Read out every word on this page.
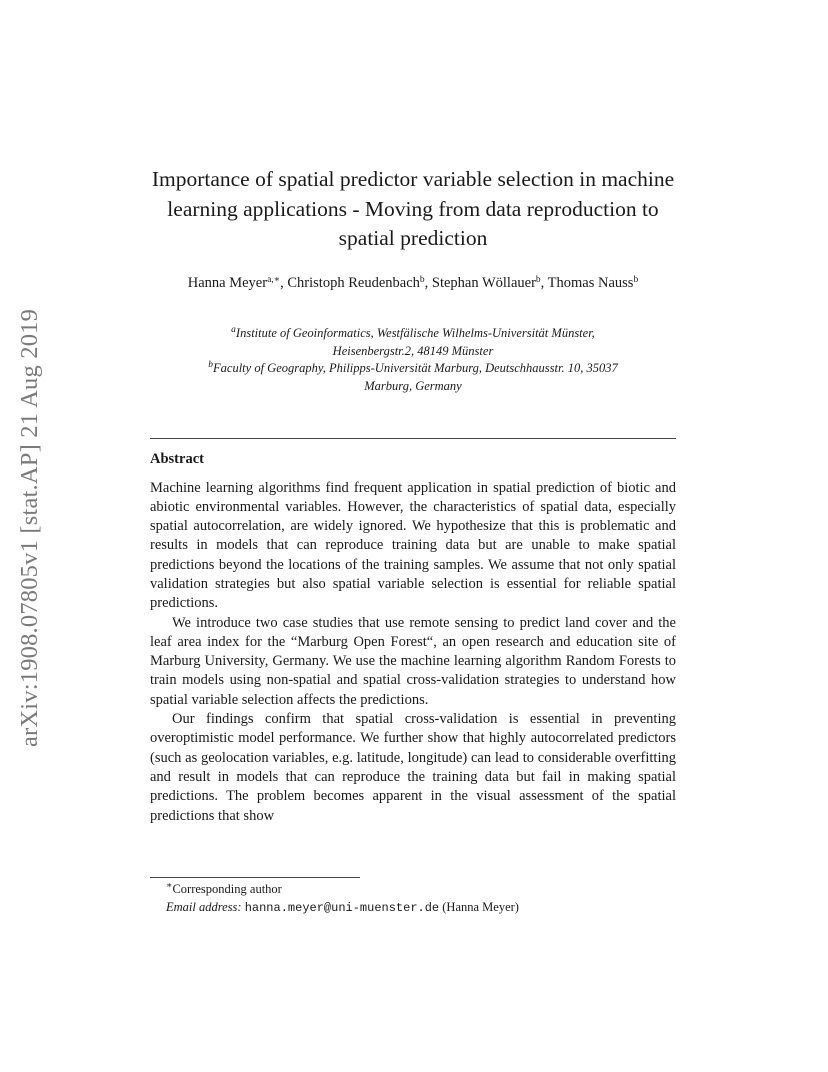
arXiv:1908.07805v1 [stat.AP] 21 Aug 2019
Importance of spatial predictor variable selection in machine learning applications - Moving from data reproduction to spatial prediction
Hanna Meyer$^{a,∗}$, Christoph Reudenbach$^b$, Stephan Wöllauer$^b$, Thomas Nauss$^b$
$^a$Institute of Geoinformatics, Westfälische Wilhelms-Universität Münster,
Heisenbergstr.2, 48149 Münster
$^b$Faculty of Geography, Philipps-Universität Marburg, Deutschhausstr. 10, 35037
Marburg, Germany
Abstract

Machine learning algorithms find frequent application in spatial prediction of biotic and abiotic environmental variables. However, the characteristics of spatial data, especially spatial autocorrelation, are widely ignored. We hypothesize that this is problematic and results in models that can reproduce training data but are unable to make spatial predictions beyond the locations of the training samples. We assume that not only spatial validation strategies but also spatial variable selection is essential for reliable spatial predictions.

We introduce two case studies that use remote sensing to predict land cover and the leaf area index for the “Marburg Open Forest“, an open research and education site of Marburg University, Germany. We use the machine learning algorithm Random Forests to train models using non-spatial and spatial cross-validation strategies to understand how spatial variable selection affects the predictions.

Our findings confirm that spatial cross-validation is essential in preventing overoptimistic model performance. We further show that highly autocorrelated predictors (such as geolocation variables, e.g. latitude, longitude) can lead to considerable overfitting and result in models that can reproduce the training data but fail in making spatial predictions. The problem becomes apparent in the visual assessment of the spatial predictions that show

∗Corresponding author
Email address: hanna.meyer@uni-muenster.de (Hanna Meyer)
